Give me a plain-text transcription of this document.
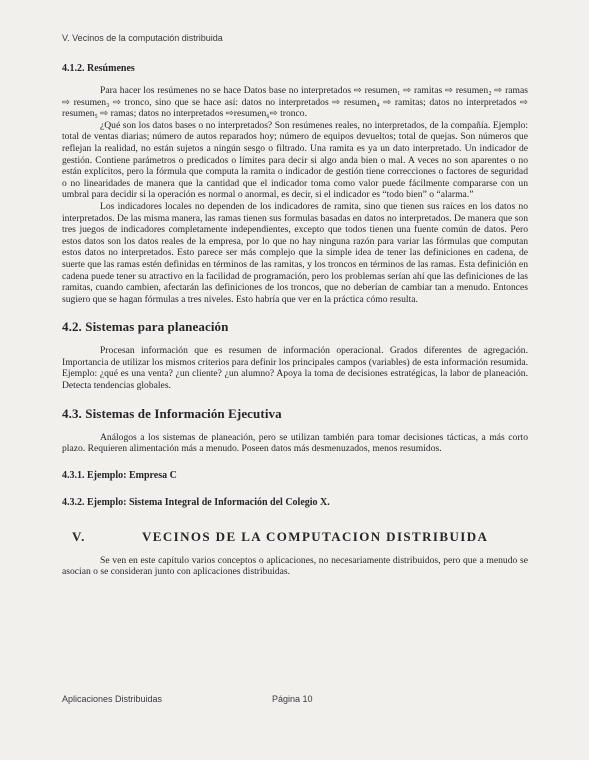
V. Vecinos de la computación distribuida
4.1.2. Resúmenes

Para hacer los resúmenes no se hace Datos base no interpretados ⇨ resumen₁ ⇨ ramitas ⇨ resumen₂ ⇨ ramas ⇨ resumen₃ ⇨ tronco, sino que se hace así: datos no interpretados ⇨ resumen₄ ⇨ ramitas; datos no interpretados ⇨ resumen₅ ⇨ ramas; datos no interpretados ⇨resumen₆⇨ tronco.

¿Qué son los datos bases o no interpretados? Son resúmenes reales, no interpretados, de la compañía. Ejemplo: total de ventas diarias; número de autos reparados hoy; número de equipos devueltos; total de quejas. Son números que reflejan la realidad, no están sujetos a ningún sesgo o filtrado. Una ramita es ya un dato interpretado. Un indicador de gestión. Contiene parámetros o predicados o límites para decir si algo anda bien o mal. A veces no son aparentes o no están explícitos, pero la fórmula que computa la ramita o indicador de gestión tiene correcciones o factores de seguridad o no linearidades de manera que la cantidad que el indicador toma como valor puede fácilmente compararse con un umbral para decidir si la operación es normal o anormal, es decir, si el indicador es “todo bien” o “alarma.”

Los indicadores locales no dependen de los indicadores de ramita, sino que tienen sus raíces en los datos no interpretados. De las misma manera, las ramas tienen sus formulas basadas en datos no interpretados. De manera que son tres juegos de indicadores completamente independientes, excepto que todos tienen una fuente común de datos. Pero estos datos son los datos reales de la empresa, por lo que no hay ninguna razón para variar las fórmulas que computan estos datos no interpretados. Esto parece ser más complejo que la simple idea de tener las definiciones en cadena, de suerte que las ramas estén definidas en términos de las ramitas, y los troncos en términos de las ramas. Esta definición en cadena puede tener su atractivo en la facilidad de programación, pero los problemas serían ahí que las definiciones de las ramitas, cuando cambien, afectarán las definiciones de los troncos, que no deberían de cambiar tan a menudo. Entonces sugiero que se hagan fórmulas a tres niveles. Esto habría que ver en la práctica cómo resulta.

4.2. Sistemas para planeación

Procesan información que es resumen de información operacional. Grados diferentes de agregación. Importancia de utilizar los mismos criterios para definir los principales campos (variables) de esta información resumida. Ejemplo: ¿qué es una venta? ¿un cliente? ¿un alumno? Apoya la toma de decisiones estratégicas, la labor de planeación. Detecta tendencias globales.

4.3. Sistemas de Información Ejecutiva

Análogos a los sistemas de planeación, pero se utilizan también para tomar decisiones tácticas, a más corto plazo. Requieren alimentación más a menudo. Poseen datos más desmenuzados, menos resumidos.

4.3.1. Ejemplo: Empresa C
4.3.2. Ejemplo: Sistema Integral de Información del Colegio X.
V.	VECINOS DE LA COMPUTACION DISTRIBUIDA

Se ven en este capítulo varios conceptos o aplicaciones, no necesariamente distribuidos, pero que a menudo se asocian o se consideran junto con aplicaciones distribuidas.

Aplicaciones Distribuidas	Página 10
